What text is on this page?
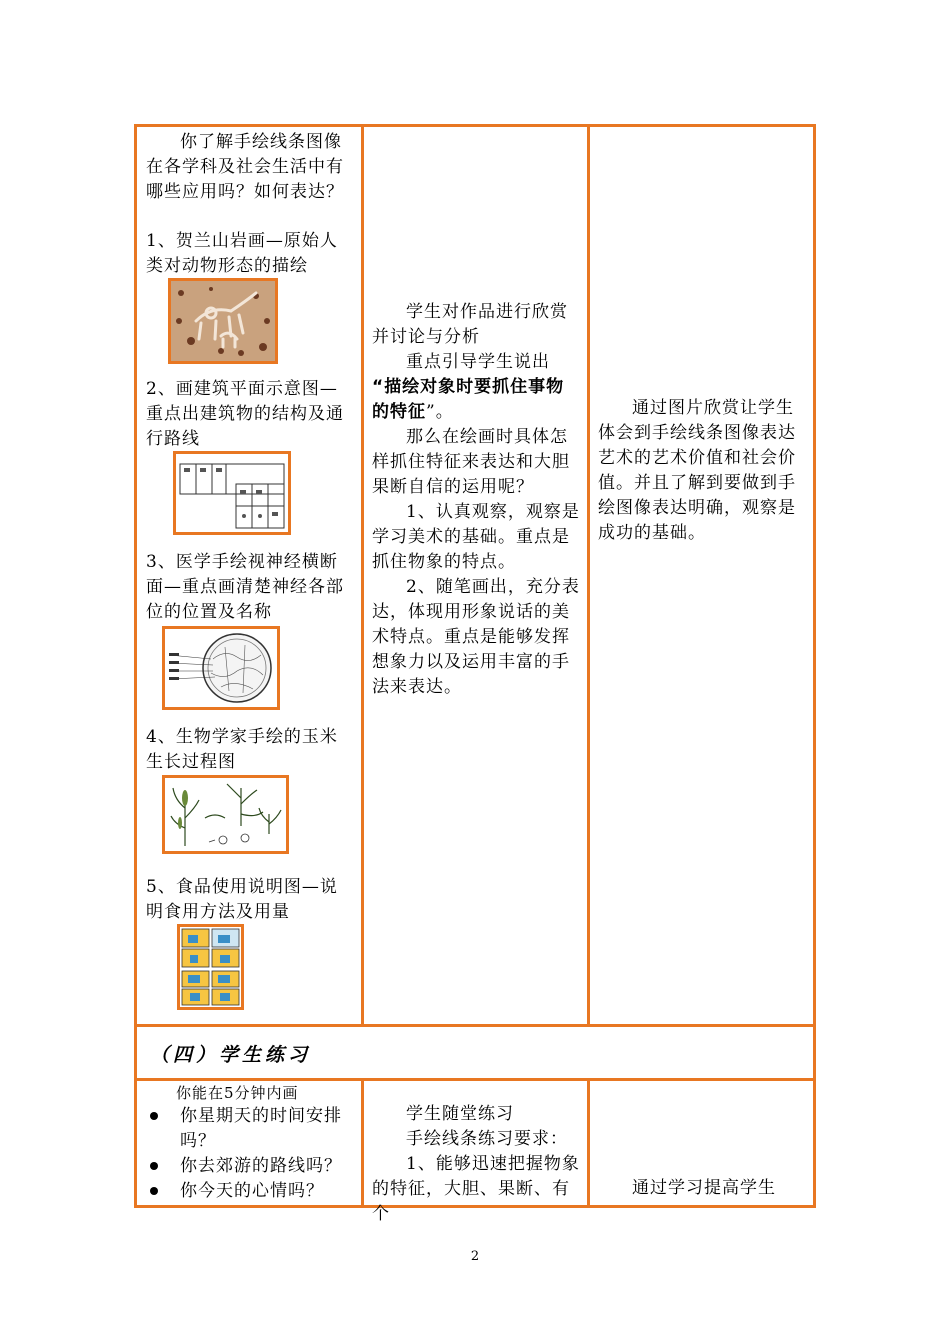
你了解手绘线条图像在各学科及社会生活中有哪些应用吗？如何表达？

1、贺兰山岩画—原始人类对动物形态的描绘

2、画建筑平面示意图—重点出建筑物的结构及通行路线

3、医学手绘视神经横断面—重点画清楚神经各部位的位置及名称

4、生物学家手绘的玉米生长过程图

5、食品使用说明图—说明食用方法及用量

学生对作品进行欣赏并讨论与分析

重点引导学生说出

“描绘对象时要抓住事物的特征”。

那么在绘画时具体怎样抓住特征来表达和大胆果断自信的运用呢？

1、认真观察，观察是学习美术的基础。重点是抓住物象的特点。

2、随笔画出，充分表达，体现用形象说话的美术特点。重点是能够发挥想象力以及运用丰富的手法来表达。

通过图片欣赏让学生体会到手绘线条图像表达艺术的艺术价值和社会价值。并且了解到要做到手绘图像表达明确，观察是成功的基础。

（四）学生练习

你能在5分钟内画

你星期天的时间安排吗？
你去郊游的路线吗？
你今天的心情吗？

学生随堂练习

手绘线条练习要求：

1、能够迅速把握物象的特征，大胆、果断、有个

通过学习提高学生

2
